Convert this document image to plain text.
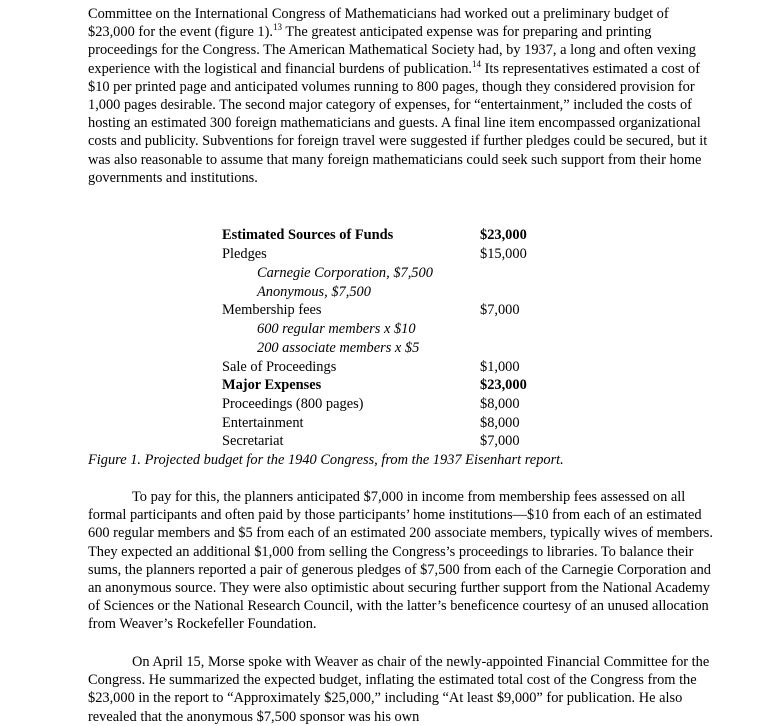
Committee on the International Congress of Mathematicians had worked out a preliminary budget of $23,000 for the event (figure 1).$^{13}$ The greatest anticipated expense was for preparing and printing proceedings for the Congress. The American Mathematical Society had, by 1937, a long and often vexing experience with the logistical and financial burdens of publication.$^{14}$ Its representatives estimated a cost of $10 per printed page and anticipated volumes running to 800 pages, though they considered provision for 1,000 pages desirable. The second major category of expenses, for “entertainment,” included the costs of hosting an estimated 300 foreign mathematicians and guests. A final line item encompassed organizational costs and publicity. Subventions for foreign travel were suggested if further pledges could be secured, but it was also reasonable to assume that many foreign mathematicians could seek such support from their home governments and institutions.

Estimated Sources of Funds	$23,000
Pledges	$15,000
Carnegie Corporation, $7,500
Anonymous, $7,500
Membership fees	$7,000
600 regular members x $10
200 associate members x $5
Sale of Proceedings	$1,000
Major Expenses	$23,000
Proceedings (800 pages)	$8,000
Entertainment	$8,000
Secretariat	$7,000
Figure 1. Projected budget for the 1940 Congress, from the 1937 Eisenhart report.

To pay for this, the planners anticipated $7,000 in income from membership fees assessed on all formal participants and often paid by those participants’ home institutions—$10 from each of an estimated 600 regular members and $5 from each of an estimated 200 associate members, typically wives of members. They expected an additional $1,000 from selling the Congress’s proceedings to libraries. To balance their sums, the planners reported a pair of generous pledges of $7,500 from each of the Carnegie Corporation and an anonymous source. They were also optimistic about securing further support from the National Academy of Sciences or the National Research Council, with the latter’s beneficence courtesy of an unused allocation from Weaver’s Rockefeller Foundation.

On April 15, Morse spoke with Weaver as chair of the newly-appointed Financial Committee for the Congress. He summarized the expected budget, inflating the estimated total cost of the Congress from the $23,000 in the report to “Approximately $25,000,” including “At least $9,000” for publication. He also revealed that the anonymous $7,500 sponsor was his own
